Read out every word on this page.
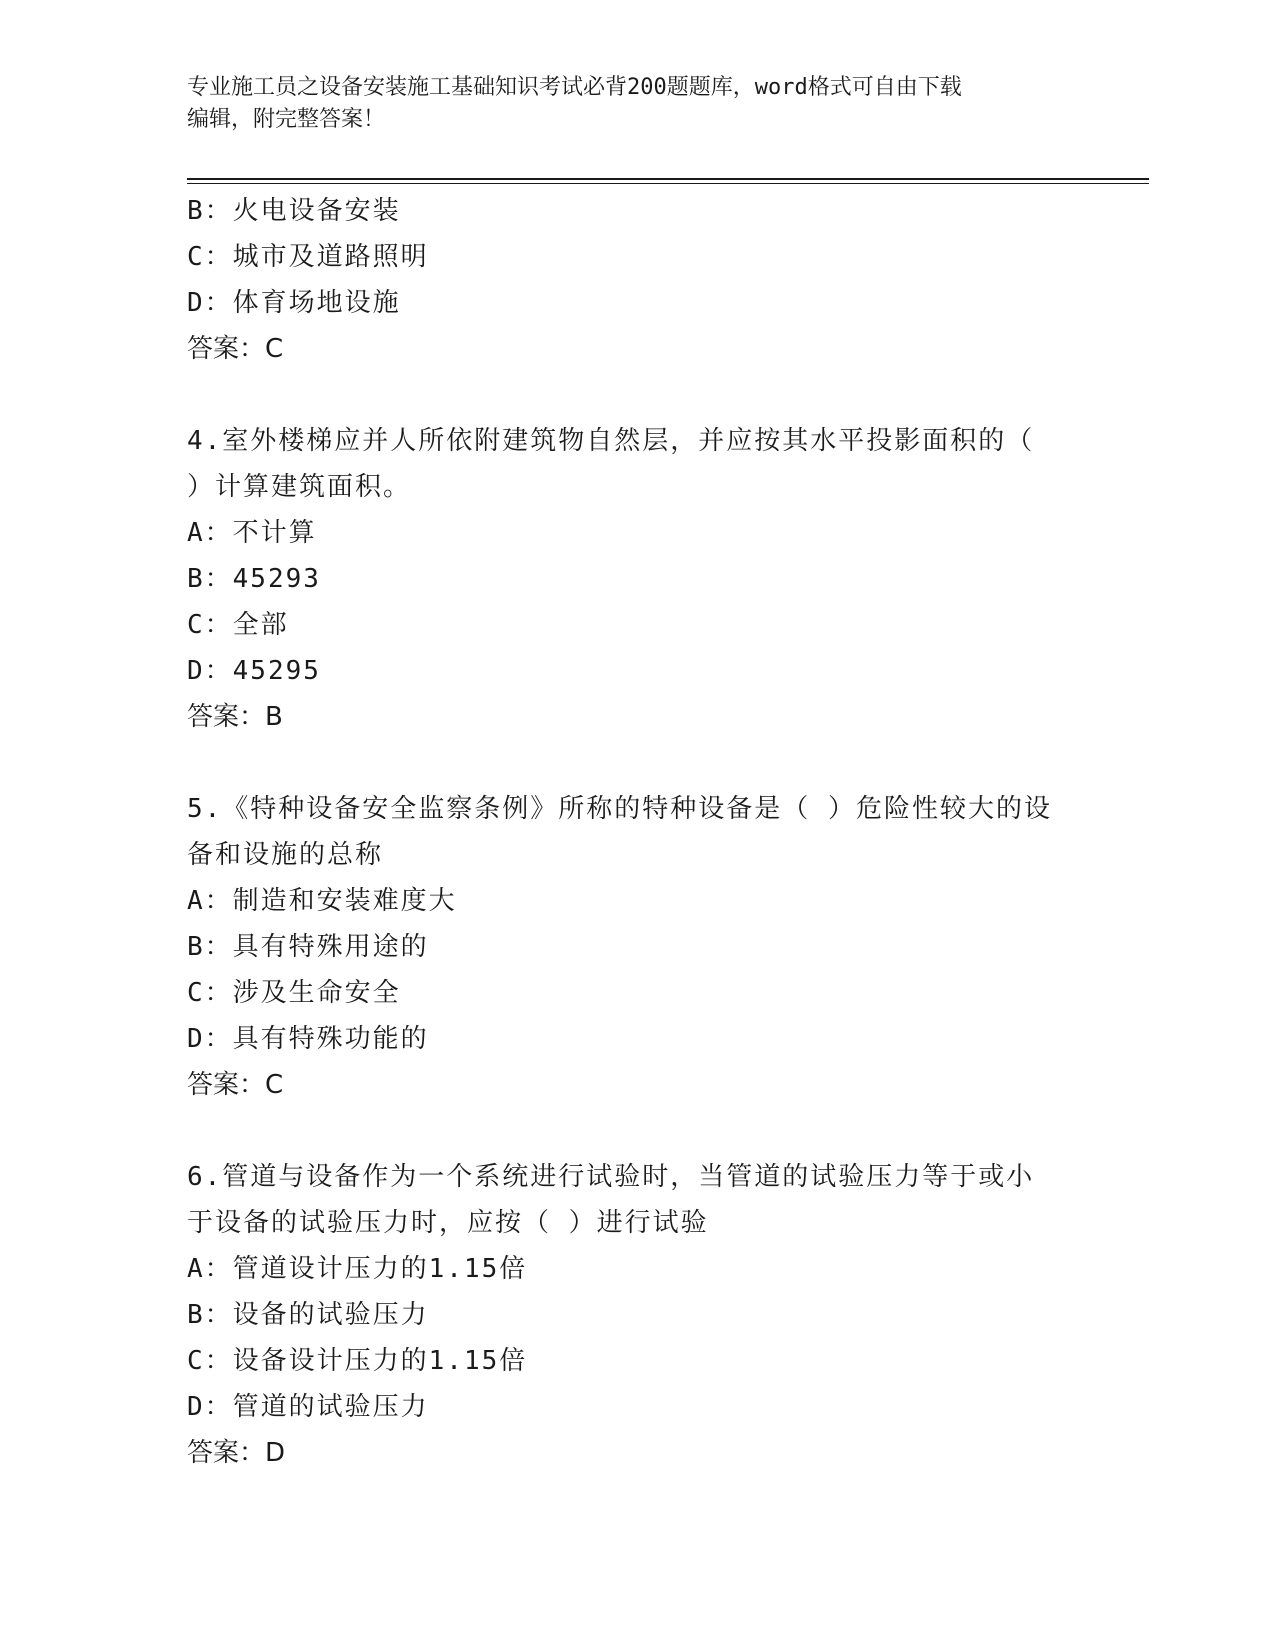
专业施工员之设备安装施工基础知识考试必背200题题库，word格式可自由下载
编辑，附完整答案！
B：火电设备安装
C：城市及道路照明
D：体育场地设施
答案：C
4.室外楼梯应并人所依附建筑物自然层，并应按其水平投影面积的（
）计算建筑面积。
A：不计算
B：45293
C：全部
D：45295
答案：B
5.《特种设备安全监察条例》所称的特种设备是（ ）危险性较大的设
备和设施的总称
A：制造和安装难度大
B：具有特殊用途的
C：涉及生命安全
D：具有特殊功能的
答案：C
6.管道与设备作为一个系统进行试验时，当管道的试验压力等于或小
于设备的试验压力时，应按（ ）进行试验
A：管道设计压力的1.15倍
B：设备的试验压力
C：设备设计压力的1.15倍
D：管道的试验压力
答案：D
